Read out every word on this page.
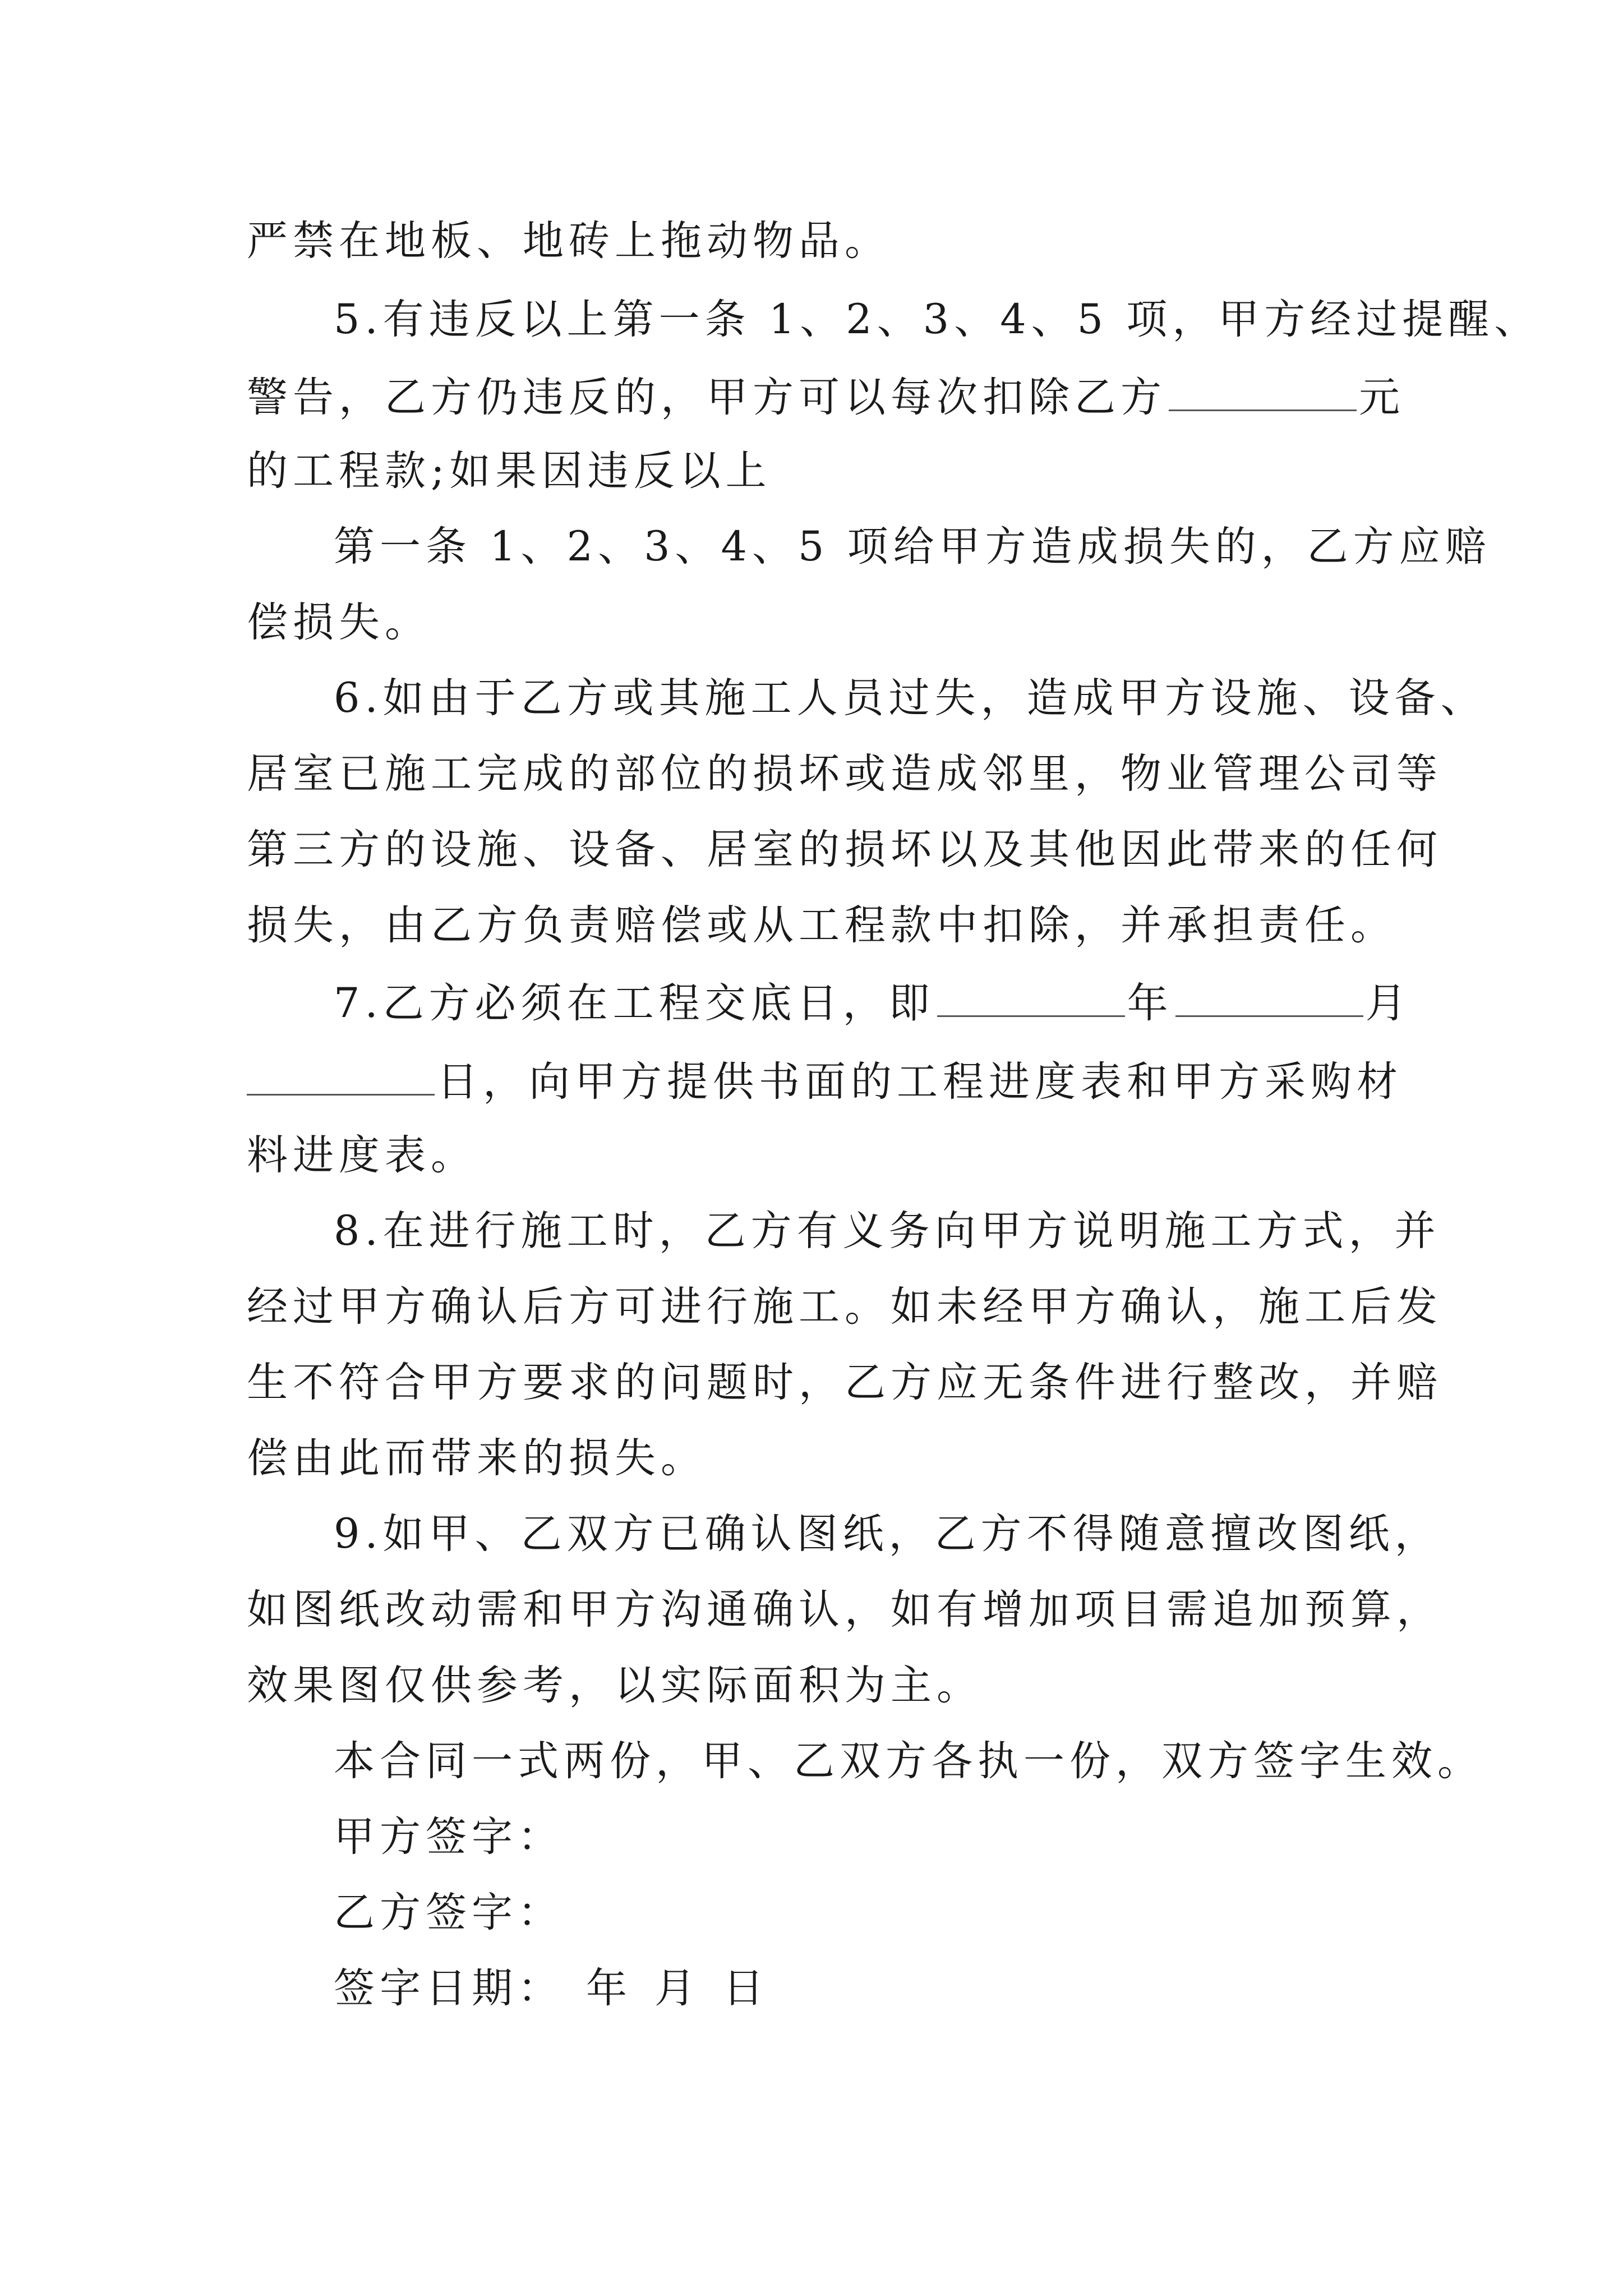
严禁在地板、地砖上拖动物品。
5.有违反以上第一条 1、2、3、4、5 项，甲方经过提醒、
警告，乙方仍违反的，甲方可以每次扣除乙方	元
的工程款;如果因违反以上
第一条 1、2、3、4、5 项给甲方造成损失的，乙方应赔
偿损失。
6.如由于乙方或其施工人员过失，造成甲方设施、设备、
居室已施工完成的部位的损坏或造成邻里，物业管理公司等
第三方的设施、设备、居室的损坏以及其他因此带来的任何
损失，由乙方负责赔偿或从工程款中扣除，并承担责任。
7.乙方必须在工程交底日，即	年	月
日，向甲方提供书面的工程进度表和甲方采购材
料进度表。
8.在进行施工时，乙方有义务向甲方说明施工方式，并
经过甲方确认后方可进行施工。如未经甲方确认，施工后发
生不符合甲方要求的问题时，乙方应无条件进行整改，并赔
偿由此而带来的损失。
9.如甲、乙双方已确认图纸，乙方不得随意擅改图纸，
如图纸改动需和甲方沟通确认，如有增加项目需追加预算，
效果图仅供参考，以实际面积为主。
本合同一式两份，甲、乙双方各执一份，双方签字生效。
甲方签字：
乙方签字：
签字日期： 年 月 日
